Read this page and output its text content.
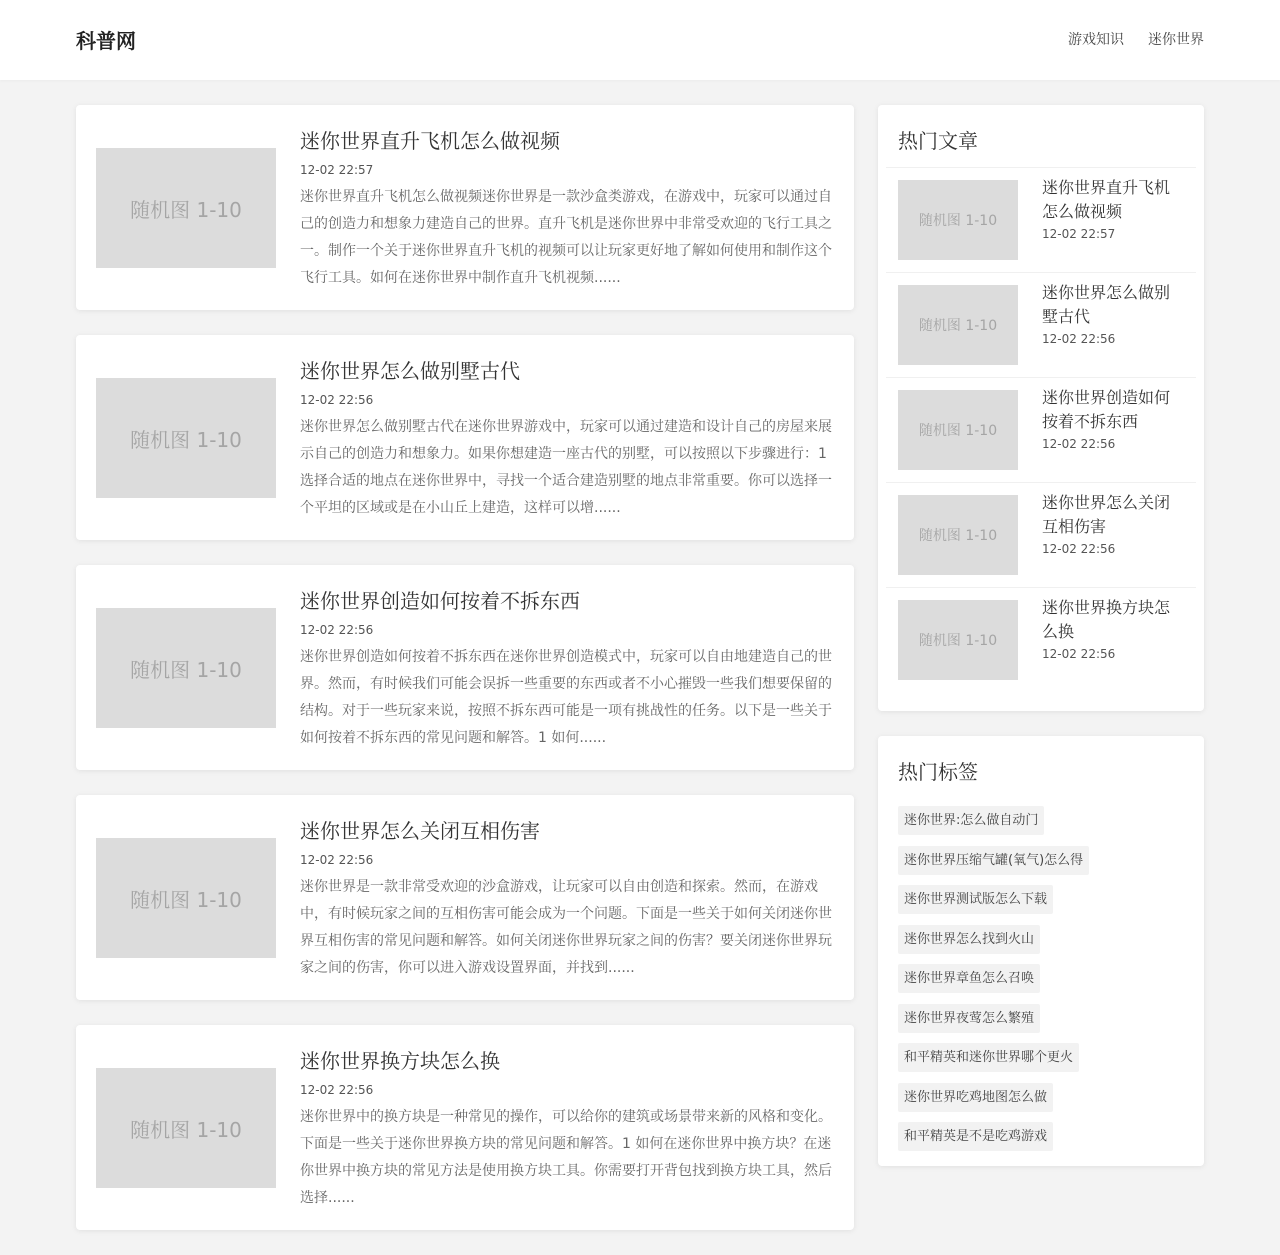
科普网	游戏知识 迷你世界
随机图 1-10
迷你世界直升飞机怎么做视频
12-02 22:57
迷你世界直升飞机怎么做视频迷你世界是一款沙盒类游戏，在游戏中，玩家可以通过自己的创造力和想象力建造自己的世界。直升飞机是迷你世界中非常受欢迎的飞行工具之一。制作一个关于迷你世界直升飞机的视频可以让玩家更好地了解如何使用和制作这个飞行工具。如何在迷你世界中制作直升飞机视频......
随机图 1-10
迷你世界怎么做别墅古代
12-02 22:56
迷你世界怎么做别墅古代在迷你世界游戏中，玩家可以通过建造和设计自己的房屋来展示自己的创造力和想象力。如果你想建造一座古代的别墅，可以按照以下步骤进行：1选择合适的地点在迷你世界中，寻找一个适合建造别墅的地点非常重要。你可以选择一个平坦的区域或是在小山丘上建造，这样可以增......
随机图 1-10
迷你世界创造如何按着不拆东西
12-02 22:56
迷你世界创造如何按着不拆东西在迷你世界创造模式中，玩家可以自由地建造自己的世界。然而，有时候我们可能会误拆一些重要的东西或者不小心摧毁一些我们想要保留的结构。对于一些玩家来说，按照不拆东西可能是一项有挑战性的任务。以下是一些关于如何按着不拆东西的常见问题和解答。1 如何......
随机图 1-10
迷你世界怎么关闭互相伤害
12-02 22:56
迷你世界是一款非常受欢迎的沙盒游戏，让玩家可以自由创造和探索。然而，在游戏中，有时候玩家之间的互相伤害可能会成为一个问题。下面是一些关于如何关闭迷你世界互相伤害的常见问题和解答。如何关闭迷你世界玩家之间的伤害？要关闭迷你世界玩家之间的伤害，你可以进入游戏设置界面，并找到......
随机图 1-10
迷你世界换方块怎么换
12-02 22:56
迷你世界中的换方块是一种常见的操作，可以给你的建筑或场景带来新的风格和变化。下面是一些关于迷你世界换方块的常见问题和解答。1 如何在迷你世界中换方块？在迷你世界中换方块的常见方法是使用换方块工具。你需要打开背包找到换方块工具，然后选择......
热门文章
随机图 1-10
迷你世界直升飞机怎么做视频
12-02 22:57
随机图 1-10
迷你世界怎么做别墅古代
12-02 22:56
随机图 1-10
迷你世界创造如何按着不拆东西
12-02 22:56
随机图 1-10
迷你世界怎么关闭互相伤害
12-02 22:56
随机图 1-10
迷你世界换方块怎么换
12-02 22:56
热门标签
迷你世界:怎么做自动门
迷你世界压缩气罐(氧气)怎么得
迷你世界测试版怎么下载
迷你世界怎么找到火山
迷你世界章鱼怎么召唤
迷你世界夜莺怎么繁殖
和平精英和迷你世界哪个更火
迷你世界吃鸡地图怎么做
和平精英是不是吃鸡游戏
